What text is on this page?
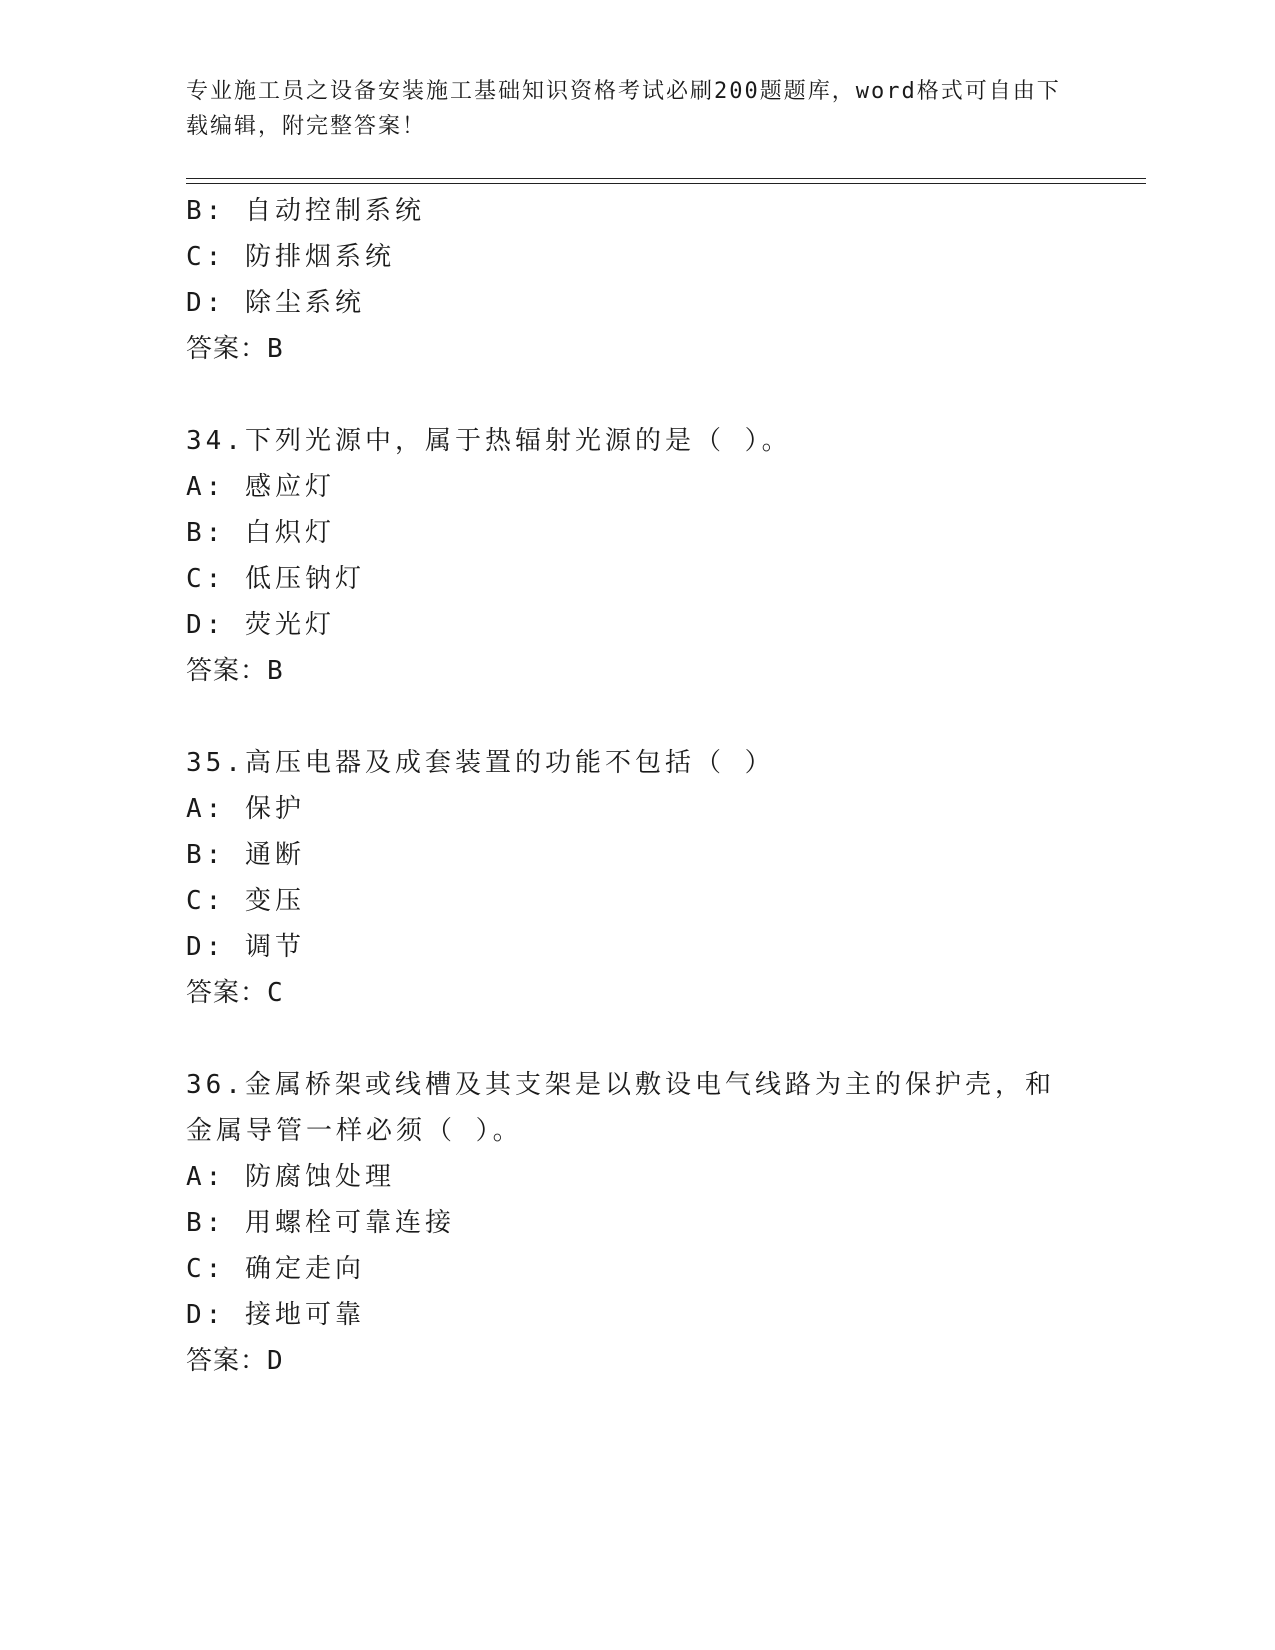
专业施工员之设备安装施工基础知识资格考试必刷200题题库，word格式可自由下载编辑，附完整答案！
B: 自动控制系统
C: 防排烟系统
D: 除尘系统
答案：B
34.下列光源中，属于热辐射光源的是（ ）。
A: 感应灯
B: 白炽灯
C: 低压钠灯
D: 荧光灯
答案：B
35.高压电器及成套装置的功能不包括（ ）
A: 保护
B: 通断
C: 变压
D: 调节
答案：C
36.金属桥架或线槽及其支架是以敷设电气线路为主的保护壳，和金属导管一样必须（ ）。
A: 防腐蚀处理
B: 用螺栓可靠连接
C: 确定走向
D: 接地可靠
答案：D
